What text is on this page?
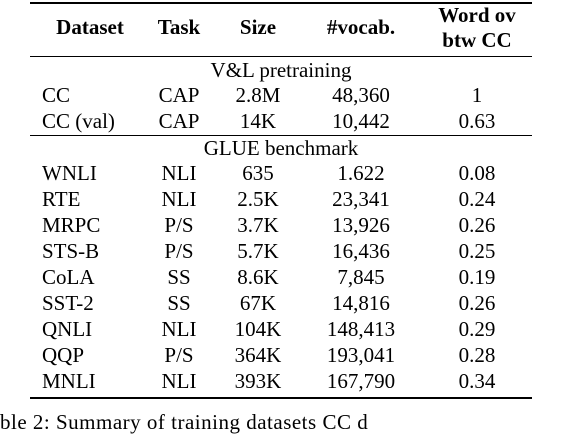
Dataset	Task	Size	#vocab.	Word ov
btw CC
V&L pretraining
CC	CAP	2.8M	48,360	1
CC (val)	CAP	14K	10,442	0.63
GLUE benchmark
WNLI	NLI	635	1.622	0.08
RTE	NLI	2.5K	23,341	0.24
MRPC	P/S	3.7K	13,926	0.26
STS-B	P/S	5.7K	16,436	0.25
CoLA	SS	8.6K	7,845	0.19
SST-2	SS	67K	14,816	0.26
QNLI	NLI	104K	148,413	0.29
QQP	P/S	364K	193,041	0.28
MNLI	NLI	393K	167,790	0.34
ble 2: Summary of training datasets CC d
